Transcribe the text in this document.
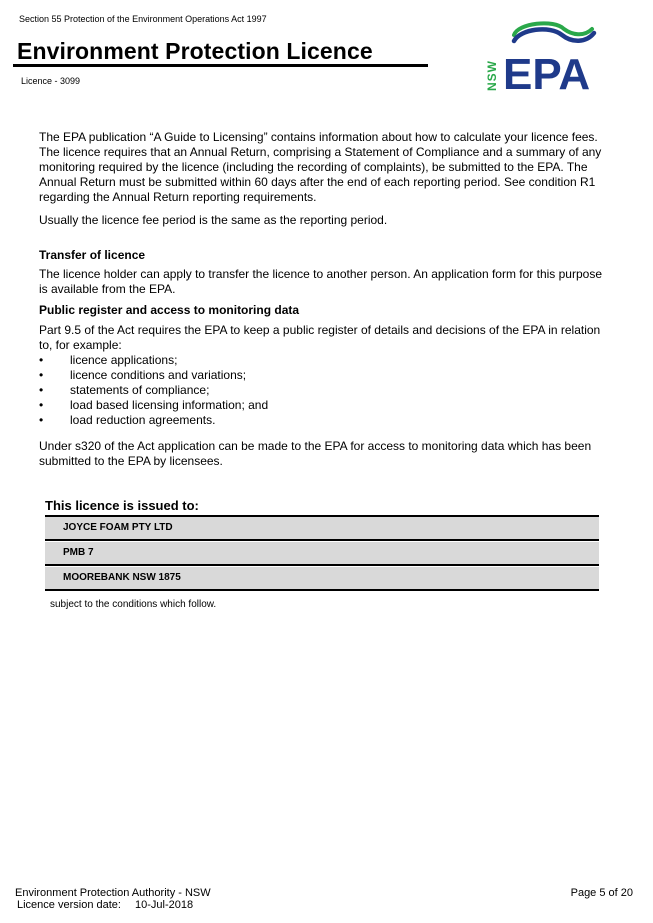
Section 55 Protection of the Environment Operations Act 1997
Environment Protection Licence
Licence - 3099	NSW EPA

The EPA publication “A Guide to Licensing” contains information about how to calculate your licence fees. The licence requires that an Annual Return, comprising a Statement of Compliance and a summary of any monitoring required by the licence (including the recording of complaints), be submitted to the EPA. The Annual Return must be submitted within 60 days after the end of each reporting period. See condition R1 regarding the Annual Return reporting requirements.

Usually the licence fee period is the same as the reporting period.

Transfer of licence
The licence holder can apply to transfer the licence to another person. An application form for this purpose is available from the EPA.
Public register and access to monitoring data

Part 9.5 of the Act requires the EPA to keep a public register of details and decisions of the EPA in relation to, for example:

• licence applications;
• licence conditions and variations;
• statements of compliance;
• load based licensing information; and
• load reduction agreements.
Under s320 of the Act application can be made to the EPA for access to monitoring data which has been submitted to the EPA by licensees.
This licence is issued to:
JOYCE FOAM PTY LTD
PMB 7
MOOREBANK NSW 1875
subject to the conditions which follow.
Environment Protection Authority - NSW
Licence version date: 10-Jul-2018
Page 5 of 20
